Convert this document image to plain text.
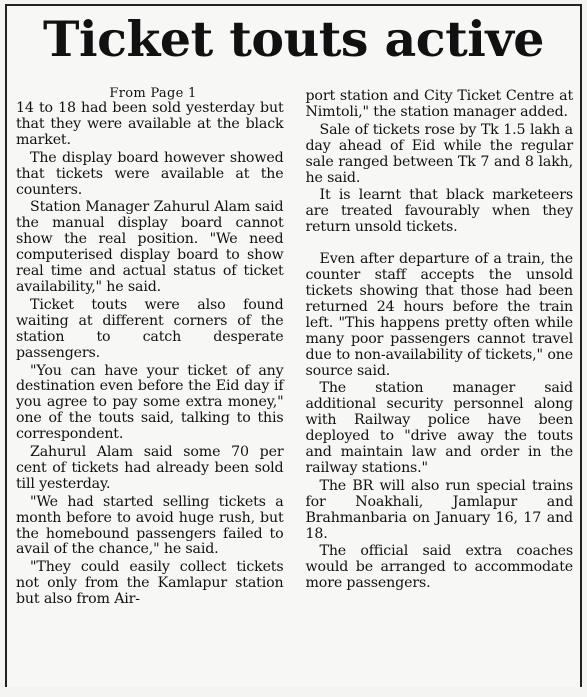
Ticket touts active
From Page 1

14 to 18 had been sold yesterday but that they were available at the black market.

The display board however showed that tickets were available at the counters.

Station Manager Zahurul Alam said the manual display board cannot show the real position. "We need computerised display board to show real time and actual status of ticket availability," he said.

Ticket touts were also found waiting at different corners of the station to catch desperate passengers.

"You can have your ticket of any destination even before the Eid day if you agree to pay some extra money," one of the touts said, talking to this correspondent.

Zahurul Alam said some 70 per cent of tickets had already been sold till yesterday.

"We had started selling tickets a month before to avoid huge rush, but the homebound passengers failed to avail of the chance," he said.

"They could easily collect tickets not only from the Kamlapur station but also from Air-

port station and City Ticket Centre at Nimtoli," the station manager added.

Sale of tickets rose by Tk 1.5 lakh a day ahead of Eid while the regular sale ranged between Tk 7 and 8 lakh, he said.

It is learnt that black marketeers are treated favourably when they return unsold tickets.

Even after departure of a train, the counter staff accepts the unsold tickets showing that those had been returned 24 hours before the train left. "This happens pretty often while many poor passengers cannot travel due to non-availability of tickets," one source said.

The station manager said additional security personnel along with Railway police have been deployed to "drive away the touts and maintain law and order in the railway stations."

The BR will also run special trains for Noakhali, Jamlapur and Brahmanbaria on January 16, 17 and 18.

The official said extra coaches would be arranged to accommodate more passengers.
